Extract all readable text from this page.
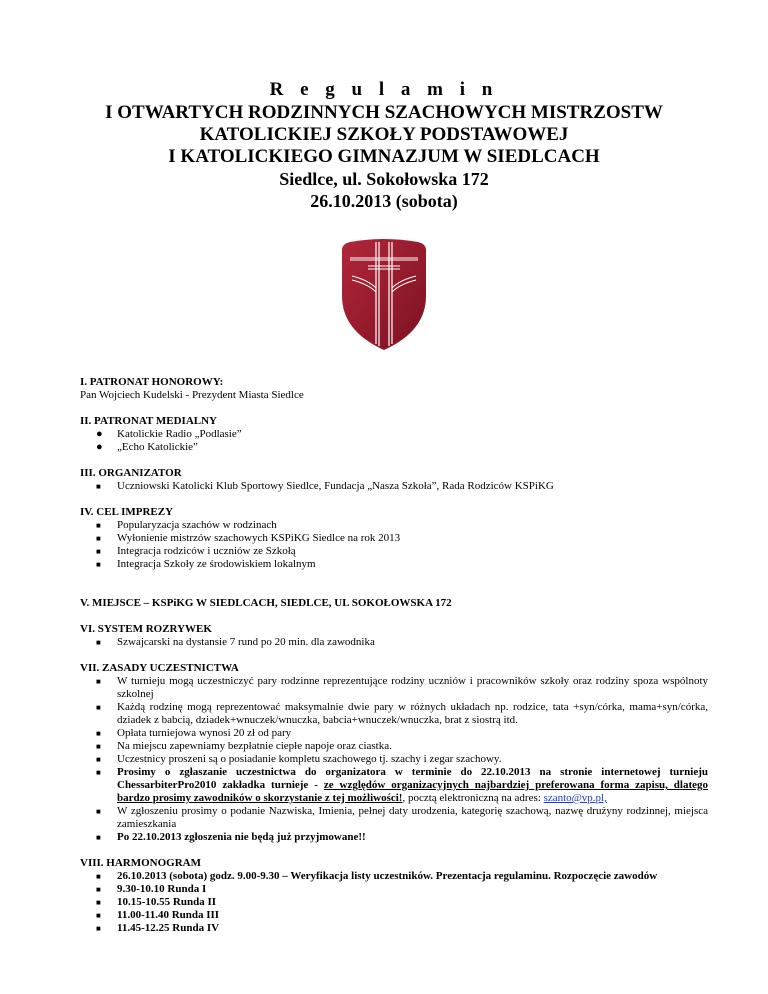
R e g u l a m i n
I OTWARTYCH RODZINNYCH SZACHOWYCH MISTRZOSTW
KATOLICKIEJ SZKOŁY PODSTAWOWEJ
I KATOLICKIEGO GIMNAZJUM W SIEDLCACH
Siedlce, ul. Sokołowska 172
26.10.2013 (sobota)
I. PATRONAT HONOROWY:
Pan Wojciech Kudelski - Prezydent Miasta Siedlce
II. PATRONAT MEDIALNY
● Katolickie Radio „Podlasie”
● „Echo Katolickie”
III. ORGANIZATOR
■ Uczniowski Katolicki Klub Sportowy Siedlce, Fundacja „Nasza Szkoła”, Rada Rodziców KSPiKG
IV. CEL IMPREZY
■ Popularyzacja szachów w rodzinach
■ Wyłonienie mistrzów szachowych KSPiKG Siedlce na rok 2013
■ Integracja rodziców i uczniów ze Szkołą
■ Integracja Szkoły ze środowiskiem lokalnym
V. MIEJSCE – KSPiKG W SIEDLCACH, SIEDLCE, UL SOKOŁOWSKA 172
VI. SYSTEM ROZRYWEK
■ Szwajcarski na dystansie 7 rund po 20 min. dla zawodnika
VII. ZASADY UCZESTNICTWA
■ W turnieju mogą uczestniczyć pary rodzinne reprezentujące rodziny uczniów i pracowników szkoły oraz rodziny spoza wspólnoty szkolnej
■ Każdą rodzinę mogą reprezentować maksymalnie dwie pary w różnych układach np. rodzice, tata +syn/córka, mama+syn/córka, dziadek z babcią, dziadek+wnuczek/wnuczka, babcia+wnuczek/wnuczka, brat z siostrą itd.
■ Opłata turniejowa wynosi 20 zł od pary
■ Na miejscu zapewniamy bezpłatnie ciepłe napoje oraz ciastka.
■ Uczestnicy proszeni są o posiadanie kompletu szachowego tj. szachy i zegar szachowy.
■ Prosimy o zgłaszanie uczestnictwa do organizatora w terminie do 22.10.2013 na stronie internetowej turnieju ChessarbiterPro2010 zakładka turnieje - ze względów organizacyjnych najbardziej preferowana forma zapisu, dlatego bardzo prosimy zawodników o skorzystanie z tej możliwości!, pocztą elektroniczną na adres: szanto@vp.pl,
■ W zgłoszeniu prosimy o podanie Nazwiska, Imienia, pełnej daty urodzenia, kategorię szachową, nazwę drużyny rodzinnej, miejsca zamieszkania
■ Po 22.10.2013 zgłoszenia nie będą już przyjmowane!!
VIII. HARMONOGRAM
■ 26.10.2013 (sobota) godz. 9.00-9.30 – Weryfikacja listy uczestników. Prezentacja regulaminu. Rozpoczęcie zawodów
■ 9.30-10.10 Runda I
■ 10.15-10.55 Runda II
■ 11.00-11.40 Runda III
■ 11.45-12.25 Runda IV
